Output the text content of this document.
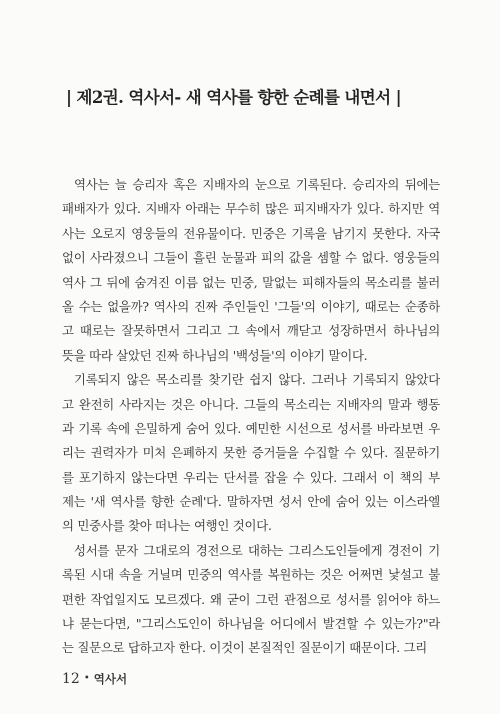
| 제2권. 역사서- 새 역사를 향한 순례를 내면서 |
역사는 늘 승리자 혹은 지배자의 눈으로 기록된다. 승리자의 뒤에는
패배자가 있다. 지배자 아래는 무수히 많은 피지배자가 있다. 하지만 역
사는 오로지 영웅들의 전유물이다. 민중은 기록을 남기지 못한다. 자국
없이 사라졌으니 그들이 흘린 눈물과 피의 값을 셈할 수 없다. 영웅들의
역사 그 뒤에 숨겨진 이름 없는 민중, 말없는 피해자들의 목소리를 불러
올 수는 없을까? 역사의 진짜 주인들인 '그들'의 이야기, 때로는 순종하
고 때로는 잘못하면서 그리고 그 속에서 깨닫고 성장하면서 하나님의
뜻을 따라 살았던 진짜 하나님의 '백성들'의 이야기 말이다.
기록되지 않은 목소리를 찾기란 쉽지 않다. 그러나 기록되지 않았다
고 완전히 사라지는 것은 아니다. 그들의 목소리는 지배자의 말과 행동
과 기록 속에 은밀하게 숨어 있다. 예민한 시선으로 성서를 바라보면 우
리는 권력자가 미처 은폐하지 못한 증거들을 수집할 수 있다. 질문하기
를 포기하지 않는다면 우리는 단서를 잡을 수 있다. 그래서 이 책의 부
제는 '새 역사를 향한 순례'다. 말하자면 성서 안에 숨어 있는 이스라엘
의 민중사를 찾아 떠나는 여행인 것이다.
성서를 문자 그대로의 경전으로 대하는 그리스도인들에게 경전이 기
록된 시대 속을 거닐며 민중의 역사를 복원하는 것은 어쩌면 낯설고 불
편한 작업일지도 모르겠다. 왜 굳이 그런 관점으로 성서를 읽어야 하느
냐 묻는다면, "그리스도인이 하나님을 어디에서 발견할 수 있는가?"라
는 질문으로 답하고자 한다. 이것이 본질적인 질문이기 때문이다. 그리
12 • 역사서
